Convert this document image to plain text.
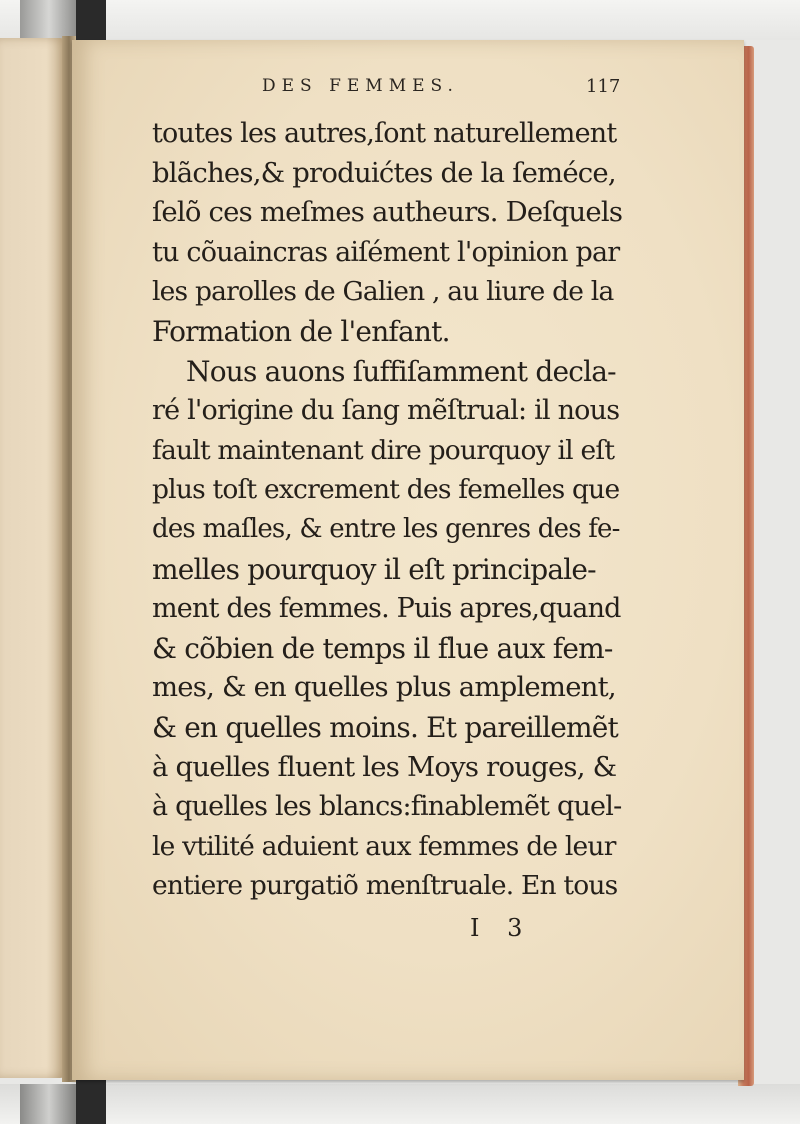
DES FEMMES.	117
toutes les autres,ſont naturellement
blãches,& produićtes de la ſeméce,
ſelõ ces meſmes autheurs. Deſquels
tu cõuaincras aiſément l'opinion par
les parolles de Galien , au liure de la
Formation de l'enfant.
Nous auons ſuffiſamment decla-
ré l'origine du ſang mẽſtrual: il nous
fault maintenant dire pourquoy il eſt
plus toſt excrement des femelles que
des maſles, & entre les genres des fe-
melles pourquoy il eſt principale-
ment des femmes. Puis apres,quand
& cõbien de temps il flue aux fem-
mes, & en quelles plus amplement,
& en quelles moins. Et pareillemẽt
à quelles fluent les Moys rouges, &
à quelles les blancs:finablemẽt quel-
le vtilité aduient aux femmes de leur
entiere purgatiõ menſtruale. En tous
I 3
